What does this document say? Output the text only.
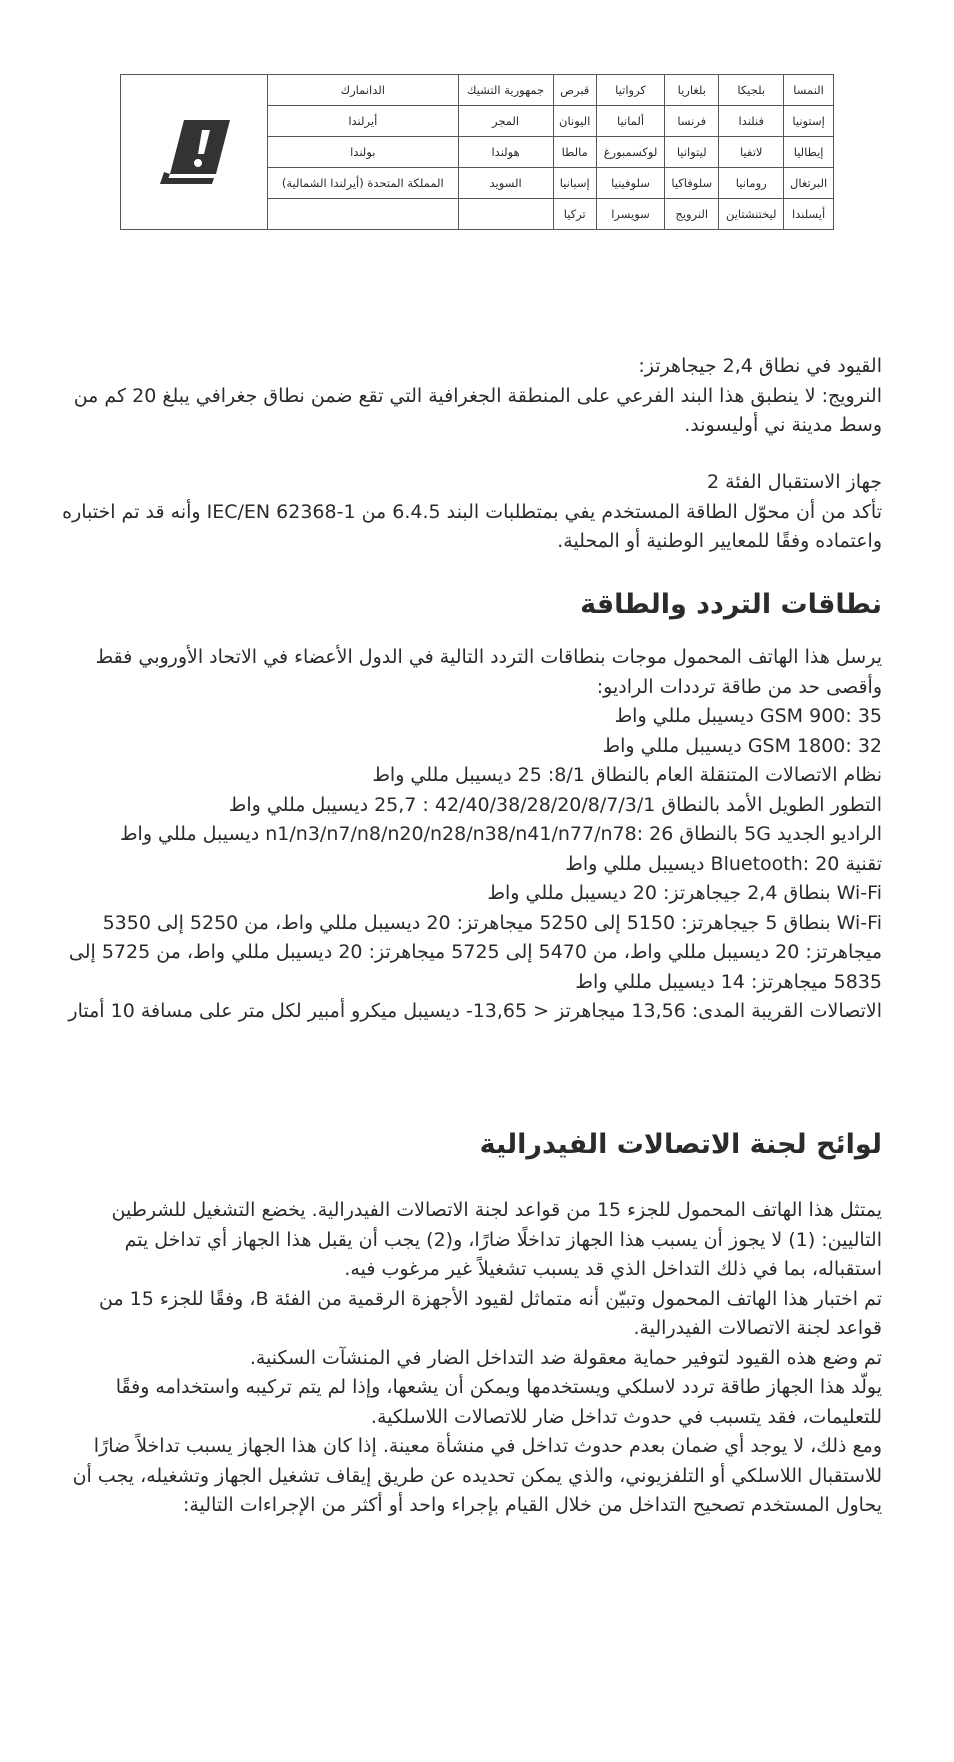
النمسا	بلجيكا	بلغاريا	كرواتيا	قبرص	جمهورية التشيك	الدانمارك	

إستونيا	فنلندا	فرنسا	ألمانيا	اليونان	المجر	أيرلندا	
إيطاليا	لاتفيا	ليتوانيا	لوكسمبورغ	مالطا	هولندا	بولندا	
البرتغال	رومانيا	سلوفاكيا	سلوفينيا	إسبانيا	السويد	المملكة المتحدة (أيرلندا الشمالية)	
أيسلندا	ليختنشتاين	النرويج	سويسرا	تركيا			

القيود في نطاق 2,4 جيجاهرتز:

النرويج: لا ينطبق هذا البند الفرعي على المنطقة الجغرافية التي تقع ضمن نطاق جغرافي يبلغ 20 كم من وسط مدينة ني أوليسوند.

جهاز الاستقبال الفئة 2

تأكد من أن محوّل الطاقة المستخدم يفي بمتطلبات البند 6.4.5 من IEC/EN 62368-1 وأنه قد تم اختباره واعتماده وفقًا للمعايير الوطنية أو المحلية.

نطاقات التردد والطاقة

يرسل هذا الهاتف المحمول موجات بنطاقات التردد التالية في الدول الأعضاء في الاتحاد الأوروبي فقط وأقصى حد من طاقة ترددات الراديو:

GSM 900: 35 ديسيبل مللي واط

GSM 1800: 32 ديسيبل مللي واط

نظام الاتصالات المتنقلة العام بالنطاق 8/1: 25 ديسيبل مللي واط

التطور الطويل الأمد بالنطاق 42/40/38/28/20/8/7/3/1 : 25,7 ديسيبل مللي واط

الراديو الجديد 5G بالنطاق n1/n3/n7/n8/n20/n28/n38/n41/n77/n78: 26 ديسيبل مللي واط

تقنية Bluetooth: 20 ديسيبل مللي واط

Wi-Fi بنطاق 2,4 جيجاهرتز: 20 ديسيبل مللي واط

Wi-Fi بنطاق 5 جيجاهرتز: 5150 إلى 5250 ميجاهرتز: 20 ديسيبل مللي واط، من 5250 إلى 5350 ميجاهرتز: 20 ديسيبل مللي واط، من 5470 إلى 5725 ميجاهرتز: 20 ديسيبل مللي واط، من 5725 إلى 5835 ميجاهرتز: 14 ديسيبل مللي واط

الاتصالات القريبة المدى: 13,56 ميجاهرتز < 13,65- ديسيبل ميكرو أمبير لكل متر على مسافة 10 أمتار

لوائح لجنة الاتصالات الفيدرالية

يمتثل هذا الهاتف المحمول للجزء 15 من قواعد لجنة الاتصالات الفيدرالية. يخضع التشغيل للشرطين التاليين: (1) لا يجوز أن يسبب هذا الجهاز تداخلًا ضارًا، و(2) يجب أن يقبل هذا الجهاز أي تداخل يتم استقباله، بما في ذلك التداخل الذي قد يسبب تشغيلاً غير مرغوب فيه.

تم اختبار هذا الهاتف المحمول وتبيّن أنه متماثل لقيود الأجهزة الرقمية من الفئة B، وفقًا للجزء 15 من قواعد لجنة الاتصالات الفيدرالية.

تم وضع هذه القيود لتوفير حماية معقولة ضد التداخل الضار في المنشآت السكنية.

يولّد هذا الجهاز طاقة تردد لاسلكي ويستخدمها ويمكن أن يشعها، وإذا لم يتم تركيبه واستخدامه وفقًا للتعليمات، فقد يتسبب في حدوث تداخل ضار للاتصالات اللاسلكية.

ومع ذلك، لا يوجد أي ضمان بعدم حدوث تداخل في منشأة معينة. إذا كان هذا الجهاز يسبب تداخلاً ضارًا للاستقبال اللاسلكي أو التلفزيوني، والذي يمكن تحديده عن طريق إيقاف تشغيل الجهاز وتشغيله، يجب أن يحاول المستخدم تصحيح التداخل من خلال القيام بإجراء واحد أو أكثر من الإجراءات التالية:
